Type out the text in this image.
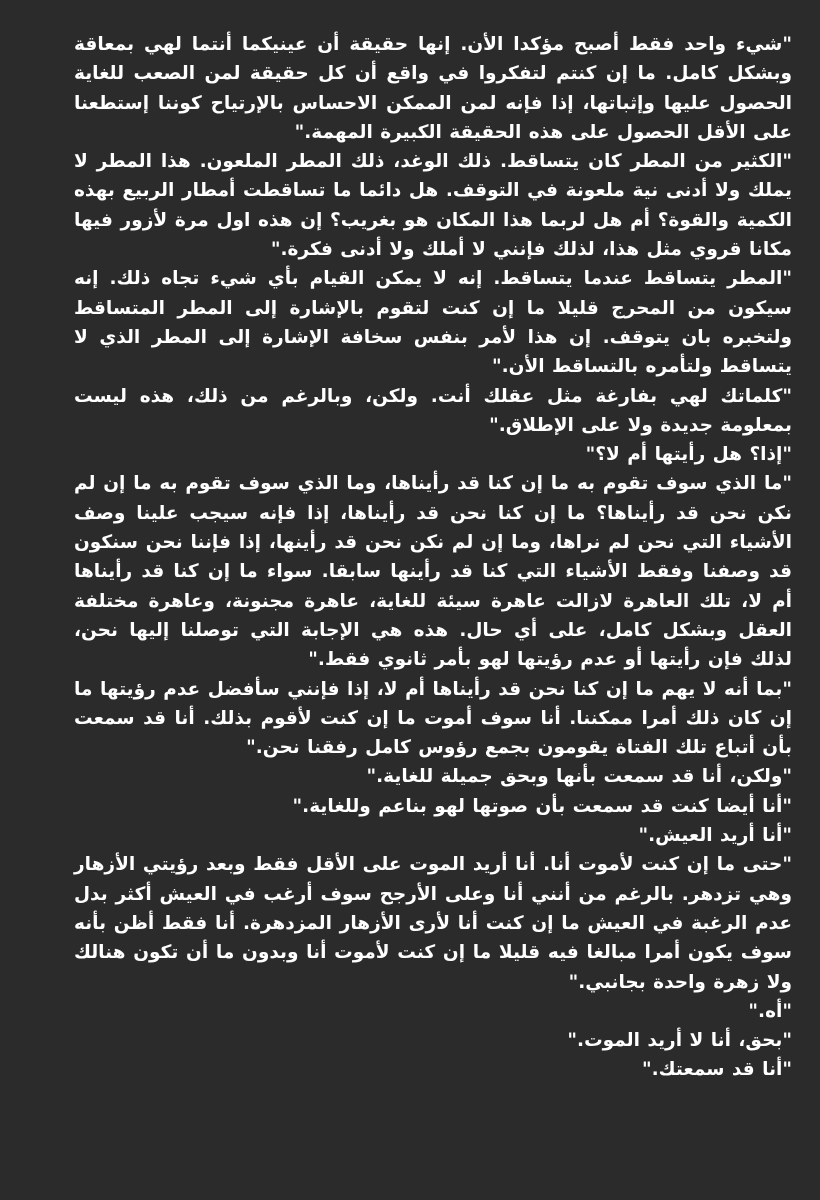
"شيء واحد فقط أصبح مؤكدا الأن. إنها حقيقة أن عينيكما أنتما لهي بمعاقة وبشكل كامل. ما إن كنتم لتفكروا في واقع أن كل حقيقة لمن الصعب للغاية الحصول عليها وإثباتها، إذا فإنه لمن الممكن الاحساس بالإرتياح كوننا إستطعنا على الأقل الحصول على هذه الحقيقة الكبيرة المهمة."

"الكثير من المطر كان يتساقط. ذلك الوغد، ذلك المطر الملعون. هذا المطر لا يملك ولا أدنى نية ملعونة في التوقف. هل دائما ما تساقطت أمطار الربيع بهذه الكمية والقوة؟ أم هل لربما هذا المكان هو بغريب؟ إن هذه اول مرة لأزور فيها مكانا قروي مثل هذا، لذلك فإنني لا أملك ولا أدنى فكرة."

"المطر يتساقط عندما يتساقط. إنه لا يمكن القيام بأي شيء تجاه ذلك. إنه سيكون من المحرج قليلا ما إن كنت لتقوم بالإشارة إلى المطر المتساقط ولتخبره بان يتوقف. إن هذا لأمر بنفس سخافة الإشارة إلى المطر الذي لا يتساقط ولتأمره بالتساقط الأن."

"كلماتك لهي بفارغة مثل عقلك أنت. ولكن، وبالرغم من ذلك، هذه ليست بمعلومة جديدة ولا على الإطلاق."

"إذا؟ هل رأيتها أم لا؟"

"ما الذي سوف تقوم به ما إن كنا قد رأيناها، وما الذي سوف تقوم به ما إن لم نكن نحن قد رأيناها؟ ما إن كنا نحن قد رأيناها، إذا فإنه سيجب علينا وصف الأشياء التي نحن لم نراها، وما إن لم نكن نحن قد رأينها، إذا فإننا نحن سنكون قد وصفنا وفقط الأشياء التي كنا قد رأينها سابقا. سواء ما إن كنا قد رأيناها أم لا، تلك العاهرة لازالت عاهرة سيئة للغاية، عاهرة مجنونة، وعاهرة مختلفة العقل وبشكل كامل، على أي حال. هذه هي الإجابة التي توصلنا إليها نحن، لذلك فإن رأيتها أو عدم رؤيتها لهو بأمر ثانوي فقط."

"بما أنه لا يهم ما إن كنا نحن قد رأيناها أم لا، إذا فإنني سأفضل عدم رؤيتها ما إن كان ذلك أمرا ممكننا. أنا سوف أموت ما إن كنت لأقوم بذلك. أنا قد سمعت بأن أتباع تلك الفتاة يقومون بجمع رؤوس كامل رفقنا نحن."

"ولكن، أنا قد سمعت بأنها وبحق جميلة للغاية."

"أنا أيضا كنت قد سمعت بأن صوتها لهو بناعم وللغاية."

"أنا أريد العيش."

"حتى ما إن كنت لأموت أنا. أنا أريد الموت على الأقل فقط وبعد رؤيتي الأزهار وهي تزدهر. بالرغم من أنني أنا وعلى الأرجح سوف أرغب في العيش أكثر بدل عدم الرغبة في العيش ما إن كنت أنا لأرى الأزهار المزدهرة. أنا فقط أظن بأنه سوف يكون أمرا مبالغا فيه قليلا ما إن كنت لأموت أنا وبدون ما أن تكون هنالك ولا زهرة واحدة بجانبي."

"أه."

"بحق، أنا لا أريد الموت."

"أنا قد سمعتك."
